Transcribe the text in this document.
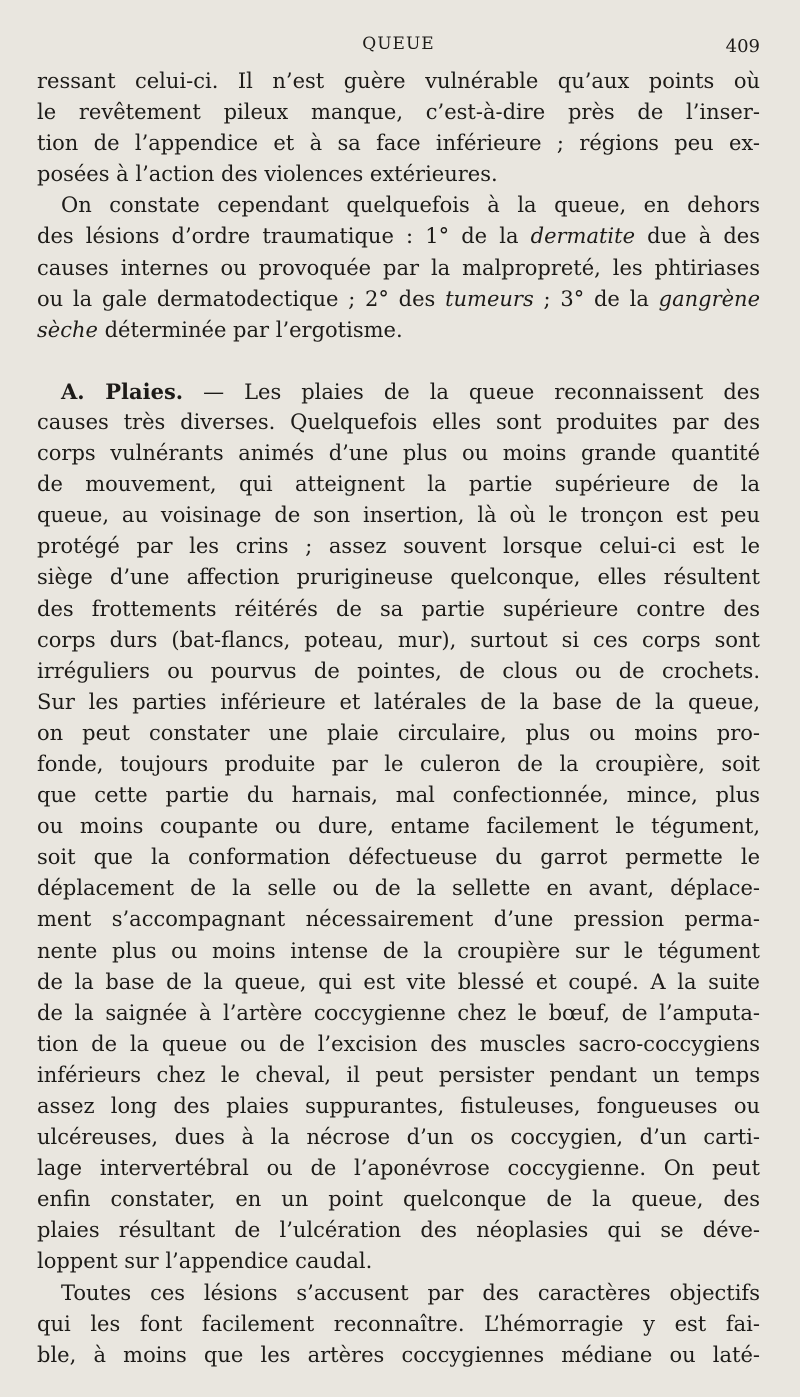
QUEUE	409
ressant celui-ci. Il n’est guère vulnérable qu’aux points où
le revêtement pileux manque, c’est-à-dire près de l’inser-
tion de l’appendice et à sa face inférieure ; régions peu ex-
posées à l’action des violences extérieures.
On constate cependant quelquefois à la queue, en dehors
des lésions d’ordre traumatique : 1° de la dermatite due à des
causes internes ou provoquée par la malpropreté, les phtiriases
ou la gale dermatodectique ; 2° des tumeurs ; 3° de la gangrène
sèche déterminée par l’ergotisme.
A. Plaies. — Les plaies de la queue reconnaissent des
causes très diverses. Quelquefois elles sont produites par des
corps vulnérants animés d’une plus ou moins grande quantité
de mouvement, qui atteignent la partie supérieure de la
queue, au voisinage de son insertion, là où le tronçon est peu
protégé par les crins ; assez souvent lorsque celui-ci est le
siège d’une affection prurigineuse quelconque, elles résultent
des frottements réitérés de sa partie supérieure contre des
corps durs (bat-flancs, poteau, mur), surtout si ces corps sont
irréguliers ou pourvus de pointes, de clous ou de crochets.
Sur les parties inférieure et latérales de la base de la queue,
on peut constater une plaie circulaire, plus ou moins pro-
fonde, toujours produite par le culeron de la croupière, soit
que cette partie du harnais, mal confectionnée, mince, plus
ou moins coupante ou dure, entame facilement le tégument,
soit que la conformation défectueuse du garrot permette le
déplacement de la selle ou de la sellette en avant, déplace-
ment s’accompagnant nécessairement d’une pression perma-
nente plus ou moins intense de la croupière sur le tégument
de la base de la queue, qui est vite blessé et coupé. A la suite
de la saignée à l’artère coccygienne chez le bœuf, de l’amputa-
tion de la queue ou de l’excision des muscles sacro-coccygiens
inférieurs chez le cheval, il peut persister pendant un temps
assez long des plaies suppurantes, fistuleuses, fongueuses ou
ulcéreuses, dues à la nécrose d’un os coccygien, d’un carti-
lage intervertébral ou de l’aponévrose coccygienne. On peut
enfin constater, en un point quelconque de la queue, des
plaies résultant de l’ulcération des néoplasies qui se déve-
loppent sur l’appendice caudal.
Toutes ces lésions s’accusent par des caractères objectifs
qui les font facilement reconnaître. L’hémorragie y est fai-
ble, à moins que les artères coccygiennes médiane ou laté-
